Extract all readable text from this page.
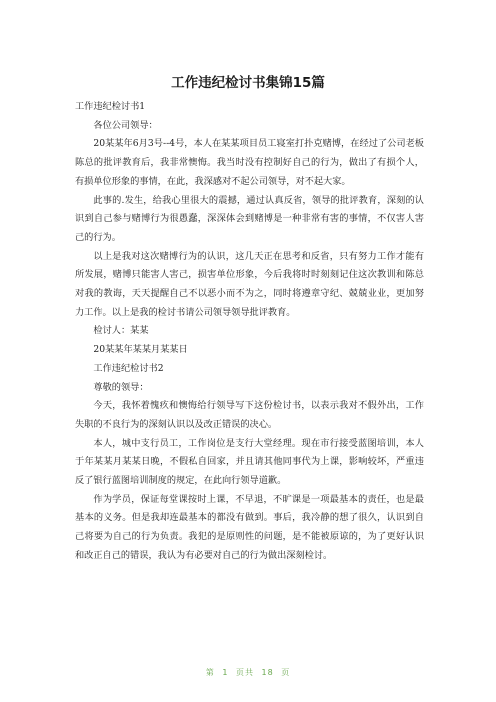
工作违纪检讨书集锦15篇

工作违纪检讨书1

各位公司领导：

20某某年6月3号--4号，本人在某某项目员工寝室打扑克赌博，在经过了公司老板陈总的批评教育后，我非常懊悔。我当时没有控制好自己的行为，做出了有损个人，有损单位形象的事情，在此，我深感对不起公司领导，对不起大家。

此事的.发生，给我心里很大的震撼，通过认真反省，领导的批评教育，深刻的认识到自己参与赌博行为很愚蠢，深深体会到赌博是一种非常有害的事情，不仅害人害己的行为。

以上是我对这次赌博行为的认识，这几天正在思考和反省，只有努力工作才能有所发展，赌博只能害人害己，损害单位形象，今后我将时时刻刻记住这次教训和陈总对我的教诲，天天提醒自己不以恶小而不为之，同时将遵章守纪、兢兢业业，更加努力工作。以上是我的检讨书请公司领导领导批评教育。

检讨人：某某

20某某年某某月某某日

工作违纪检讨书2

尊敬的领导：

今天，我怀着愧疚和懊悔给行领导写下这份检讨书，以表示我对不假外出，工作失职的不良行为的深刻认识以及改正错误的决心。

本人，城中支行员工，工作岗位是支行大堂经理。现在市行接受蓝图培训，本人于年某某月某某日晚，不假私自回家，并且请其他同事代为上课，影响较坏，严重违反了银行蓝图培训制度的规定，在此向行领导道歉。

作为学员，保证每堂课按时上课，不早退，不旷课是一项最基本的责任，也是最基本的义务。但是我却连最基本的都没有做到。事后，我冷静的想了很久，认识到自己将要为自己的行为负责。我犯的是原则性的问题，是不能被原谅的，为了更好认识和改正自己的错误，我认为有必要对自己的行为做出深刻检讨。

第 1 页共 18 页
